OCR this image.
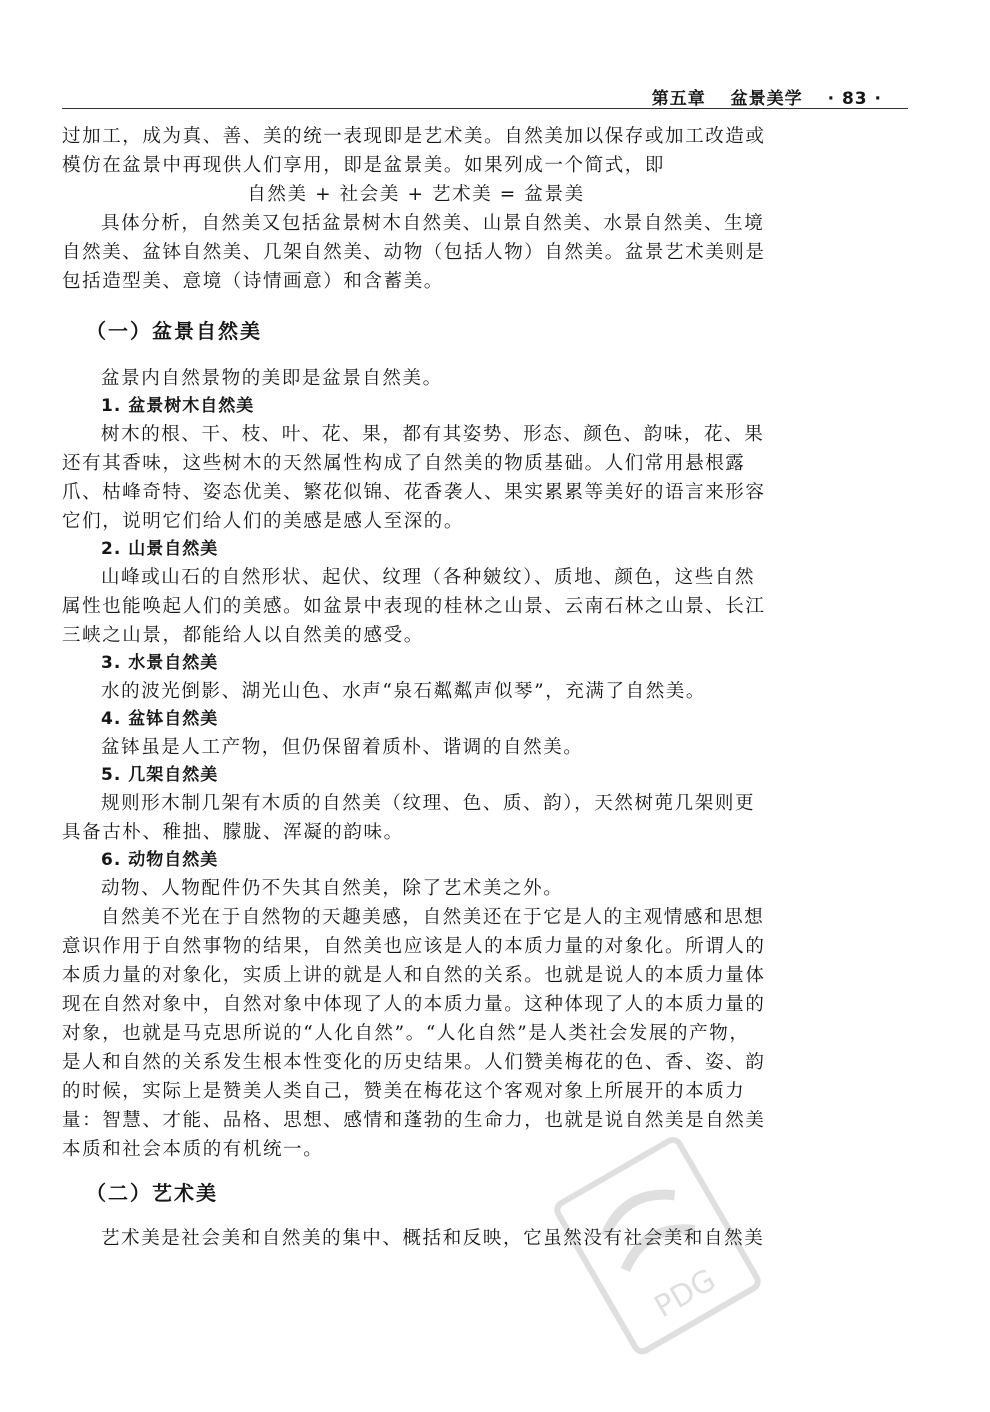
第五章 盆景美学 · 83 ·
过加工，成为真、善、美的统一表现即是艺术美。自然美加以保存或加工改造或
模仿在盆景中再现供人们享用，即是盆景美。如果列成一个简式，即
自然美 + 社会美 + 艺术美 = 盆景美
具体分析，自然美又包括盆景树木自然美、山景自然美、水景自然美、生境
自然美、盆钵自然美、几架自然美、动物（包括人物）自然美。盆景艺术美则是
包括造型美、意境（诗情画意）和含蓄美。
（一）盆景自然美
盆景内自然景物的美即是盆景自然美。
1. 盆景树木自然美
树木的根、干、枝、叶、花、果，都有其姿势、形态、颜色、韵味，花、果
还有其香味，这些树木的天然属性构成了自然美的物质基础。人们常用悬根露
爪、枯峰奇特、姿态优美、繁花似锦、花香袭人、果实累累等美好的语言来形容
它们，说明它们给人们的美感是感人至深的。
2. 山景自然美
山峰或山石的自然形状、起伏、纹理（各种皴纹）、质地、颜色，这些自然
属性也能唤起人们的美感。如盆景中表现的桂林之山景、云南石林之山景、长江
三峡之山景，都能给人以自然美的感受。
3. 水景自然美
水的波光倒影、湖光山色、水声“泉石粼粼声似琴”，充满了自然美。
4. 盆钵自然美
盆钵虽是人工产物，但仍保留着质朴、谐调的自然美。
5. 几架自然美
规则形木制几架有木质的自然美（纹理、色、质、韵），天然树蔸几架则更
具备古朴、稚拙、朦胧、浑凝的韵味。
6. 动物自然美
动物、人物配件仍不失其自然美，除了艺术美之外。
自然美不光在于自然物的天趣美感，自然美还在于它是人的主观情感和思想
意识作用于自然事物的结果，自然美也应该是人的本质力量的对象化。所谓人的
本质力量的对象化，实质上讲的就是人和自然的关系。也就是说人的本质力量体
现在自然对象中，自然对象中体现了人的本质力量。这种体现了人的本质力量的
对象，也就是马克思所说的“人化自然”。“人化自然”是人类社会发展的产物，
是人和自然的关系发生根本性变化的历史结果。人们赞美梅花的色、香、姿、韵
的时候，实际上是赞美人类自己，赞美在梅花这个客观对象上所展开的本质力
量：智慧、才能、品格、思想、感情和蓬勃的生命力，也就是说自然美是自然美
本质和社会本质的有机统一。
（二）艺术美
艺术美是社会美和自然美的集中、概括和反映，它虽然没有社会美和自然美
PDG
